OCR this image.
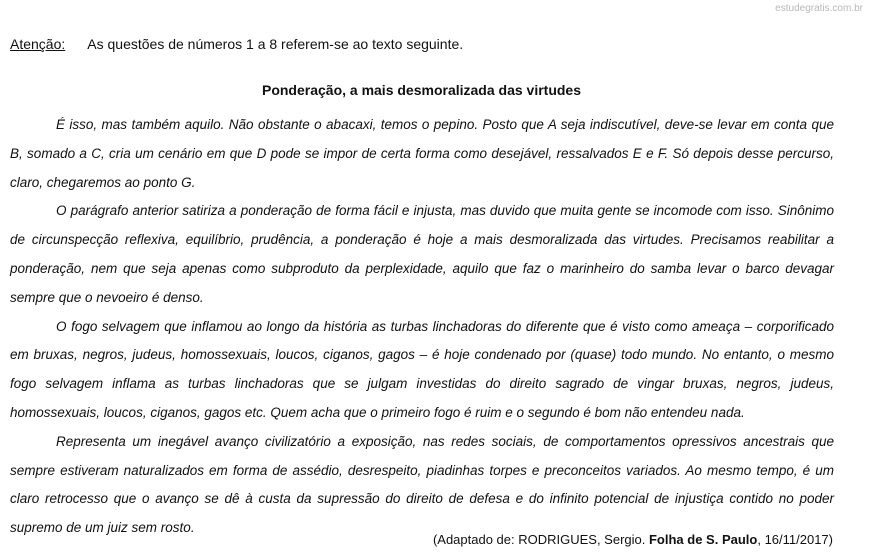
estudegratis.com.br
Atenção: As questões de números 1 a 8 referem-se ao texto seguinte.
Ponderação, a mais desmoralizada das virtudes

É isso, mas também aquilo. Não obstante o abacaxi, temos o pepino. Posto que A seja indiscutível, deve-se levar em conta que B, somado a C, cria um cenário em que D pode se impor de certa forma como desejável, ressalvados E e F. Só depois desse percurso, claro, chegaremos ao ponto G.

O parágrafo anterior satiriza a ponderação de forma fácil e injusta, mas duvido que muita gente se incomode com isso. Sinônimo de circunspecção reflexiva, equilíbrio, prudência, a ponderação é hoje a mais desmoralizada das virtudes. Precisamos reabilitar a ponderação, nem que seja apenas como subproduto da perplexidade, aquilo que faz o marinheiro do samba levar o barco devagar sempre que o nevoeiro é denso.

O fogo selvagem que inflamou ao longo da história as turbas linchadoras do diferente que é visto como ameaça – corporificado em bruxas, negros, judeus, homossexuais, loucos, ciganos, gagos – é hoje condenado por (quase) todo mundo. No entanto, o mesmo fogo selvagem inflama as turbas linchadoras que se julgam investidas do direito sagrado de vingar bruxas, negros, judeus, homossexuais, loucos, ciganos, gagos etc. Quem acha que o primeiro fogo é ruim e o segundo é bom não entendeu nada.

Representa um inegável avanço civilizatório a exposição, nas redes sociais, de comportamentos opressivos ancestrais que sempre estiveram naturalizados em forma de assédio, desrespeito, piadinhas torpes e preconceitos variados. Ao mesmo tempo, é um claro retrocesso que o avanço se dê à custa da supressão do direito de defesa e do infinito potencial de injustiça contido no poder supremo de um juiz sem rosto.

(Adaptado de: RODRIGUES, Sergio. Folha de S. Paulo, 16/11/2017)
